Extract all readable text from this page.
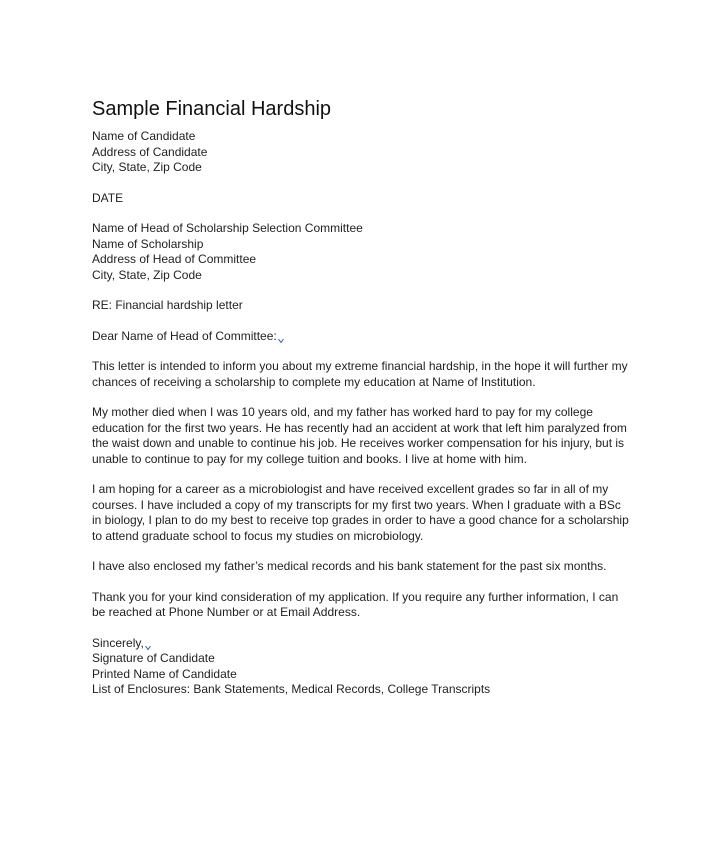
Sample Financial Hardship
Name of Candidate
Address of Candidate
City, State, Zip Code
DATE
Name of Head of Scholarship Selection Committee
Name of Scholarship
Address of Head of Committee
City, State, Zip Code
RE: Financial hardship letter
Dear Name of Head of Committee:

This letter is intended to inform you about my extreme financial hardship, in the hope it will further my chances of receiving a scholarship to complete my education at Name of Institution.

My mother died when I was 10 years old, and my father has worked hard to pay for my college education for the first two years. He has recently had an accident at work that left him paralyzed from the waist down and unable to continue his job. He receives worker compensation for his injury, but is unable to continue to pay for my college tuition and books. I live at home with him.

I am hoping for a career as a microbiologist and have received excellent grades so far in all of my courses. I have included a copy of my transcripts for my first two years. When I graduate with a BSc in biology, I plan to do my best to receive top grades in order to have a good chance for a scholarship to attend graduate school to focus my studies on microbiology.

I have also enclosed my father’s medical records and his bank statement for the past six months.

Thank you for your kind consideration of my application. If you require any further information, I can be reached at Phone Number or at Email Address.

Sincerely,
Signature of Candidate
Printed Name of Candidate
List of Enclosures: Bank Statements, Medical Records, College Transcripts
